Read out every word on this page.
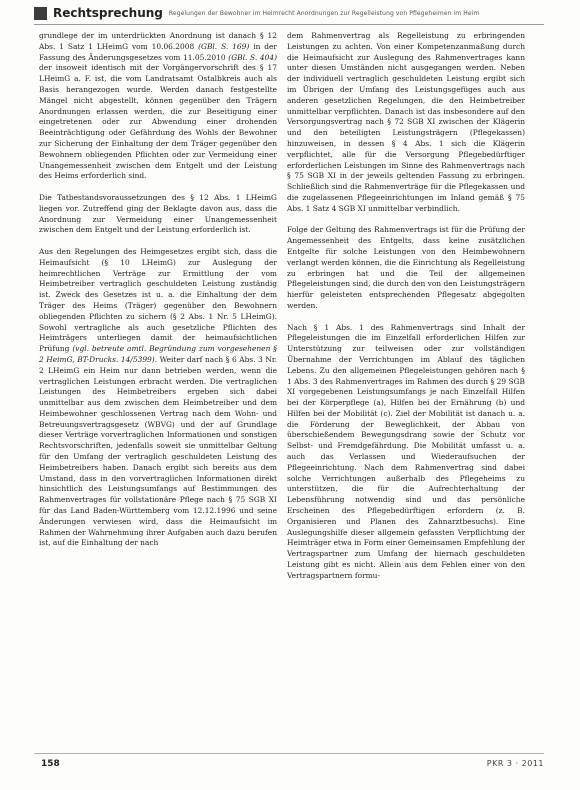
Rechtsprechung Regelungen der Bewohner im Heimrecht Anordnungen zur Regelleistung von Pflegeheimen im Heim

grundlege der im unterdrückten Anordnung ist danach § 12 Abs. 1 Satz 1 LHeimG vom 10.06.2008 (GBl. S. 169) in der Fassung des Änderungsgesetzes vom 11.05.2010 (GBl. S. 404) der insoweit identisch mit der Vorgängervorschrift des § 17 LHeimG a. F. ist, die vom Landratsamt Ostalbkreis auch als Basis herangezogen wurde. Werden danach festgestellte Mängel nicht abgestellt, können gegenüber den Trägern Anordnungen erlassen werden, die zur Beseitigung einer eingetretenen oder zur Abwendung einer drohenden Beeinträchtigung oder Gefährdung des Wohls der Bewohner zur Sicherung der Einhaltung der dem Träger gegenüber den Bewohnern obliegenden Pflichten oder zur Vermeidung einer Unangemessenheit zwischen dem Entgelt und der Leistung des Heims erforderlich sind.

Die Tatbestandsvoraussetzungen des § 12 Abs. 1 LHeimG liegen vor. Zutreffend ging der Beklagte davon aus, dass die Anordnung zur Vermeidung einer Unangemessenheit zwischen dem Entgelt und der Leistung erforderlich ist.

Aus den Regelungen des Heimgesetzes ergibt sich, dass die Heimaufsicht (§ 10 LHeimG) zur Auslegung der heimrechtlichen Verträge zur Ermittlung der vom Heimbetreiber vertraglich geschuldeten Leistung zuständig ist. Zweck des Gesetzes ist u. a. die Einhaltung der dem Träger des Heims (Träger) gegenüber den Bewohnern obliegenden Pflichten zu sichern (§ 2 Abs. 1 Nr. 5 LHeimG). Sowohl vertragliche als auch gesetzliche Pflichten des Heimträgers unterliegen damit der heimaufsichtlichen Prüfung (vgl. betreute amtl. Begründung zum vorgesehenen § 2 HeimG, BT-Drucks. 14/5399). Weiter darf nach § 6 Abs. 3 Nr. 2 LHeimG ein Heim nur dann betrieben werden, wenn die vertraglichen Leistungen erbracht werden. Die vertraglichen Leistungen des Heimbetreibers ergeben sich dabei unmittelbar aus dem zwischen dem Heimbetreiber und dem Heimbewohner geschlossenen Vertrag nach dem Wohn- und Betreuungsvertragsgesetz (WBVG) und der auf Grundlage dieser Verträge vorvertraglichen Informationen und sonstigen Rechtsvorschriften, jedenfalls soweit sie unmittelbar Geltung für den Umfang der vertraglich geschuldeten Leistung des Heimbetreibers haben. Danach ergibt sich bereits aus dem Umstand, dass in den vorvertraglichen Informationen direkt hinsichtlich des Leistungsumfangs auf Bestimmungen des Rahmenvertrages für vollstationäre Pflege nach § 75 SGB XI für das Land Baden-Württemberg vom 12.12.1996 und seine Änderungen verwiesen wird, dass die Heimaufsicht im Rahmen der Wahrnehmung ihrer Aufgaben auch dazu berufen ist, auf die Einhaltung der nach

dem Rahmenvertrag als Regelleistung zu erbringenden Leistungen zu achten. Von einer Kompetenzanmaßung durch die Heimaufsicht zur Auslegung des Rahmenvertrages kann unter diesen Umständen nicht ausgegangen werden. Neben der individuell vertraglich geschuldeten Leistung ergibt sich im Übrigen der Umfang des Leistungsgefüges auch aus anderen gesetzlichen Regelungen, die den Heimbetreiber unmittelbar verpflichten. Danach ist das insbesondere auf den Versorgungsvertrag nach § 72 SGB XI zwischen der Klägerin und den beteiligten Leistungsträgern (Pflegekassen) hinzuweisen, in dessen § 4 Abs. 1 sich die Klägerin verpflichtet, alle für die Versorgung Pflegebedürftiger erforderlichen Leistungen im Sinne des Rahmenvertrags nach § 75 SGB XI in der jeweils geltenden Fassung zu erbringen. Schließlich sind die Rahmenverträge für die Pflegekassen und die zugelassenen Pflegeeinrichtungen im Inland gemäß § 75 Abs. 1 Satz 4 SGB XI unmittelbar verbindlich.

Folge der Geltung des Rahmenvertrags ist für die Prüfung der Angemessenheit des Entgelts, dass keine zusätzlichen Entgelte für solche Leistungen von den Heimbewohnern verlangt werden können, die die Einrichtung als Regelleistung zu erbringen hat und die Teil der allgemeinen Pflegeleistungen sind, die durch den von den Leistungsträgern hierfür geleisteten entsprechenden Pflegesatz abgegolten werden.

Nach § 1 Abs. 1 des Rahmenvertrags sind Inhalt der Pflegeleistungen die im Einzelfall erforderlichen Hilfen zur Unterstützung zur teilweisen oder zur vollständigen Übernahme der Verrichtungen im Ablauf des täglichen Lebens. Zu den allgemeinen Pflegeleistungen gehören nach § 1 Abs. 3 des Rahmenvertrages im Rahmen des durch § 29 SGB XI vorgegebenen Leistungsumfangs je nach Einzelfall Hilfen bei der Körperpflege (a), Hilfen bei der Ernährung (b) und Hilfen bei der Mobilität (c). Ziel der Mobilität ist danach u. a. die Förderung der Beweglichkeit, der Abbau von überschießendem Bewegungsdrang sowie der Schutz vor Selbst- und Fremdgefährdung. Die Mobilität umfasst u. a. auch das Verlassen und Wiederaufsuchen der Pflegeeinrichtung. Nach dem Rahmenvertrag sind dabei solche Verrichtungen außerhalb des Pflegeheims zu unterstützen, die für die Aufrechterhaltung der Lebensführung notwendig sind und das persönliche Erscheinen des Pflegebedürftigen erfordern (z. B. Organisieren und Planen des Zahnarztbesuchs). Eine Auslegungshilfe dieser allgemein gefassten Verpflichtung der Heimträger etwa in Form einer Gemeinsamen Empfehlung der Vertragspartner zum Umfang der hiernach geschuldeten Leistung gibt es nicht. Allein aus dem Fehlen einer von den Vertragspartnern formu-

158	PKR 3 · 2011
